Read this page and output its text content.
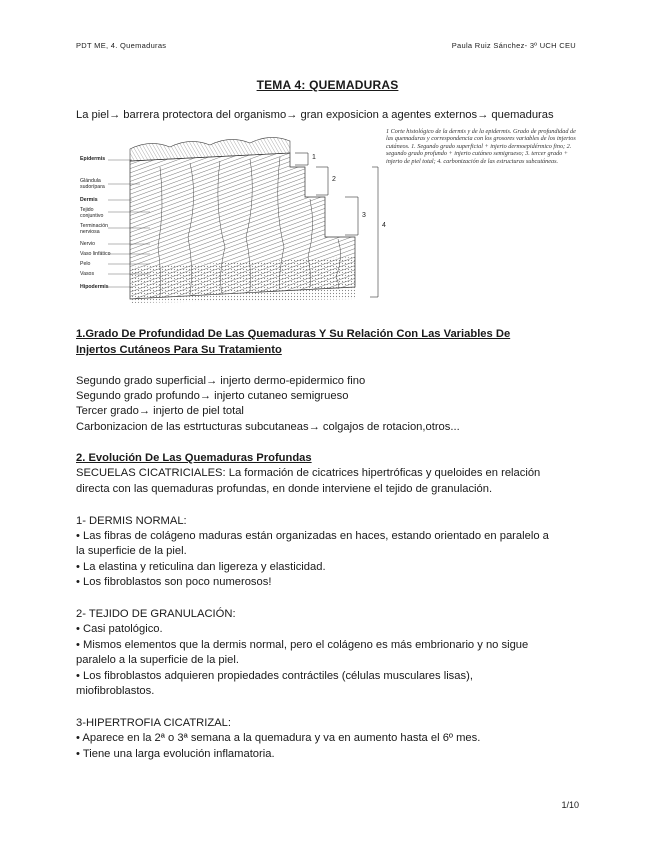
PDT ME, 4. Quemaduras	Paula Ruiz Sánchez- 3º UCH CEU
TEMA 4: QUEMADURAS
La piel→ barrera protectora del organismo→ gran exposicion a agentes externos→ quemaduras
Epidermis
Glándula sudorípara
Dermis
Tejido conjuntivo
Terminación nerviosa
Nervio
Vaso linfático
Pelo
Vasos
Hipodermis
1
2
3
4
1 Corte histológico de la dermis y de la epidermis. Grado de profundidad de las quemaduras y correspondencia con los grosores variables de los injertos cutáneos. 1. Segundo grado superficial + injerto dermoepidérmico fino; 2. segundo grado profundo + injerto cutáneo semigrueso; 3. tercer grado + injerto de piel total; 4. carbonización de las estructuras subcutáneas.
1.Grado De Profundidad De Las Quemaduras Y Su Relación Con Las Variables De
Injertos Cutáneos Para Su Tratamiento
Segundo grado superficial→ injerto dermo-epidermico fino
Segundo grado profundo→ injerto cutaneo semigrueso
Tercer grado→ injerto de piel total
Carbonizacion de las estrtucturas subcutaneas→ colgajos de rotacion,otros...
2. Evolución De Las Quemaduras Profundas
SECUELAS CICATRICIALES: La formación de cicatrices hipertróficas y queloides en relación
directa con las quemaduras profundas, en donde interviene el tejido de granulación.
1- DERMIS NORMAL:
• Las fibras de colágeno maduras están organizadas en haces, estando orientado en paralelo a
la superficie de la piel.
• La elastina y reticulina dan ligereza y elasticidad.
• Los fibroblastos son poco numerosos!
2- TEJIDO DE GRANULACIÓN:
• Casi patológico.
• Mismos elementos que la dermis normal, pero el colágeno es más embrionario y no sigue
paralelo a la superficie de la piel.
• Los fibroblastos adquieren propiedades contráctiles (células musculares lisas),
miofibroblastos.
3-HIPERTROFIA CICATRIZAL:
• Aparece en la 2ª o 3ª semana a la quemadura y va en aumento hasta el 6º mes.
• Tiene una larga evolución inflamatoria.
1/10
